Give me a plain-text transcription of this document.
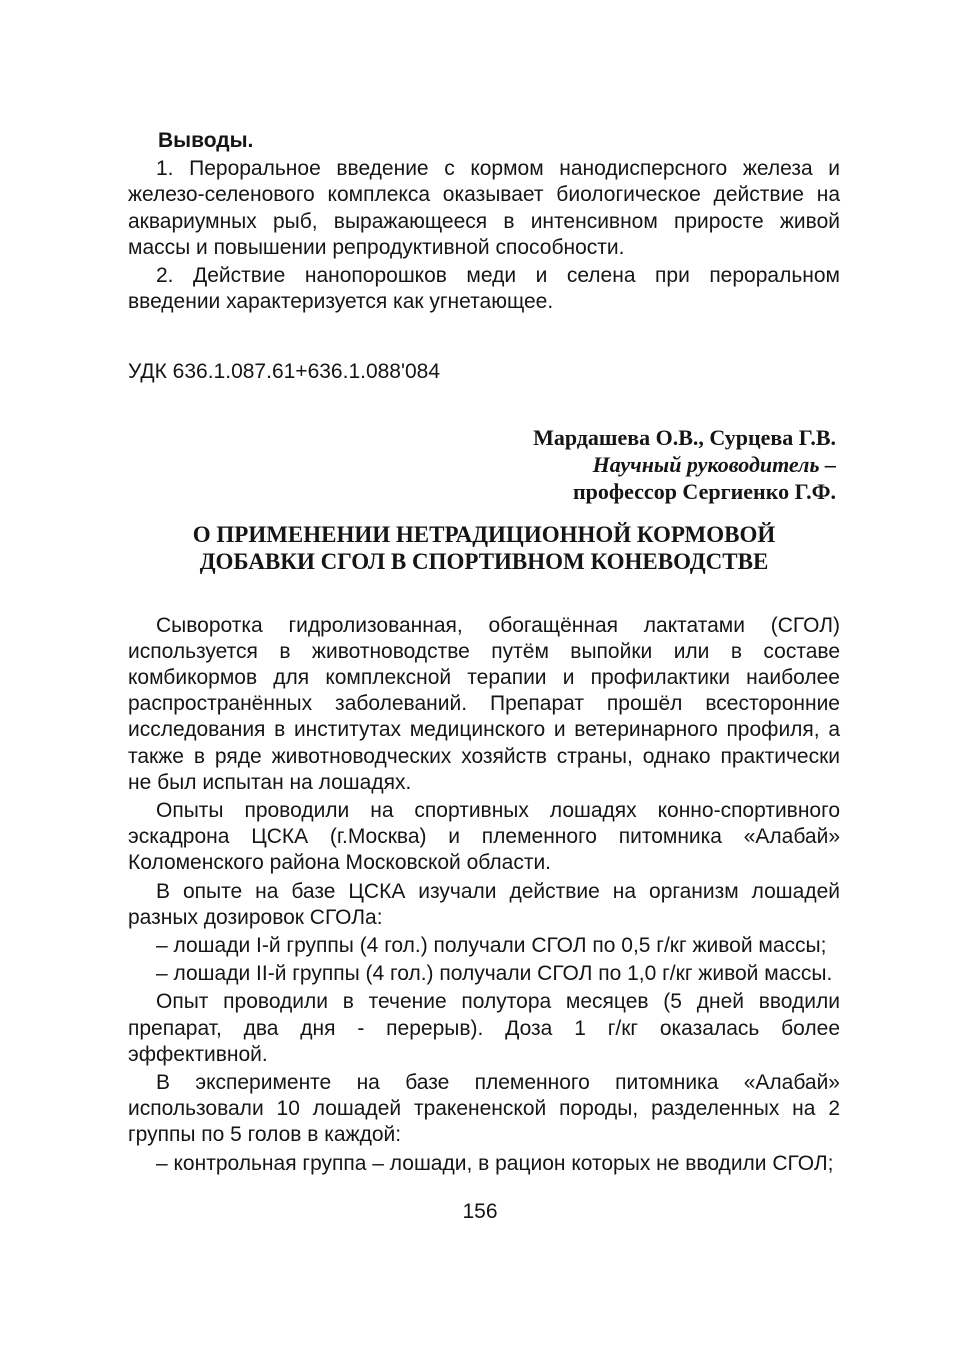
Выводы.

1. Пероральное введение с кормом нанодисперсного железа и железо-селенового комплекса оказывает биологическое действие на аквариумных рыб, выражающееся в интенсивном приросте живой массы и повышении репродуктивной способности.

2. Действие нанопорошков меди и селена при пероральном введении характеризуется как угнетающее.

УДК 636.1.087.61+636.1.088'084
Мардашева О.В., Сурцева Г.В.
Научный руководитель –
профессор Сергиенко Г.Ф.
О ПРИМЕНЕНИИ НЕТРАДИЦИОННОЙ КОРМОВОЙ
ДОБАВКИ СГОЛ В СПОРТИВНОМ КОНЕВОДСТВЕ

Сыворотка гидролизованная, обогащённая лактатами (СГОЛ) используется в животноводстве путём выпойки или в составе комбикормов для комплексной терапии и профилактики наиболее распространённых заболеваний. Препарат прошёл всесторонние исследования в институтах медицинского и ветеринарного профиля, а также в ряде животноводческих хозяйств страны, однако практически не был испытан на лошадях.

Опыты проводили на спортивных лошадях конно-спортивного эскадрона ЦСКА (г.Москва) и племенного питомника «Алабай» Коломенского района Московской области.

В опыте на базе ЦСКА изучали действие на организм лошадей разных дозировок СГОЛа:

– лошади I-й группы (4 гол.) получали СГОЛ по 0,5 г/кг живой массы;

– лошади II-й группы (4 гол.) получали СГОЛ по 1,0 г/кг живой массы.

Опыт проводили в течение полутора месяцев (5 дней вводили препарат, два дня - перерыв). Доза 1 г/кг оказалась более эффективной.

В эксперименте на базе племенного питомника «Алабай» использовали 10 лошадей тракененской породы, разделенных на 2 группы по 5 голов в каждой:

– контрольная группа – лошади, в рацион которых не вводили СГОЛ;

156
